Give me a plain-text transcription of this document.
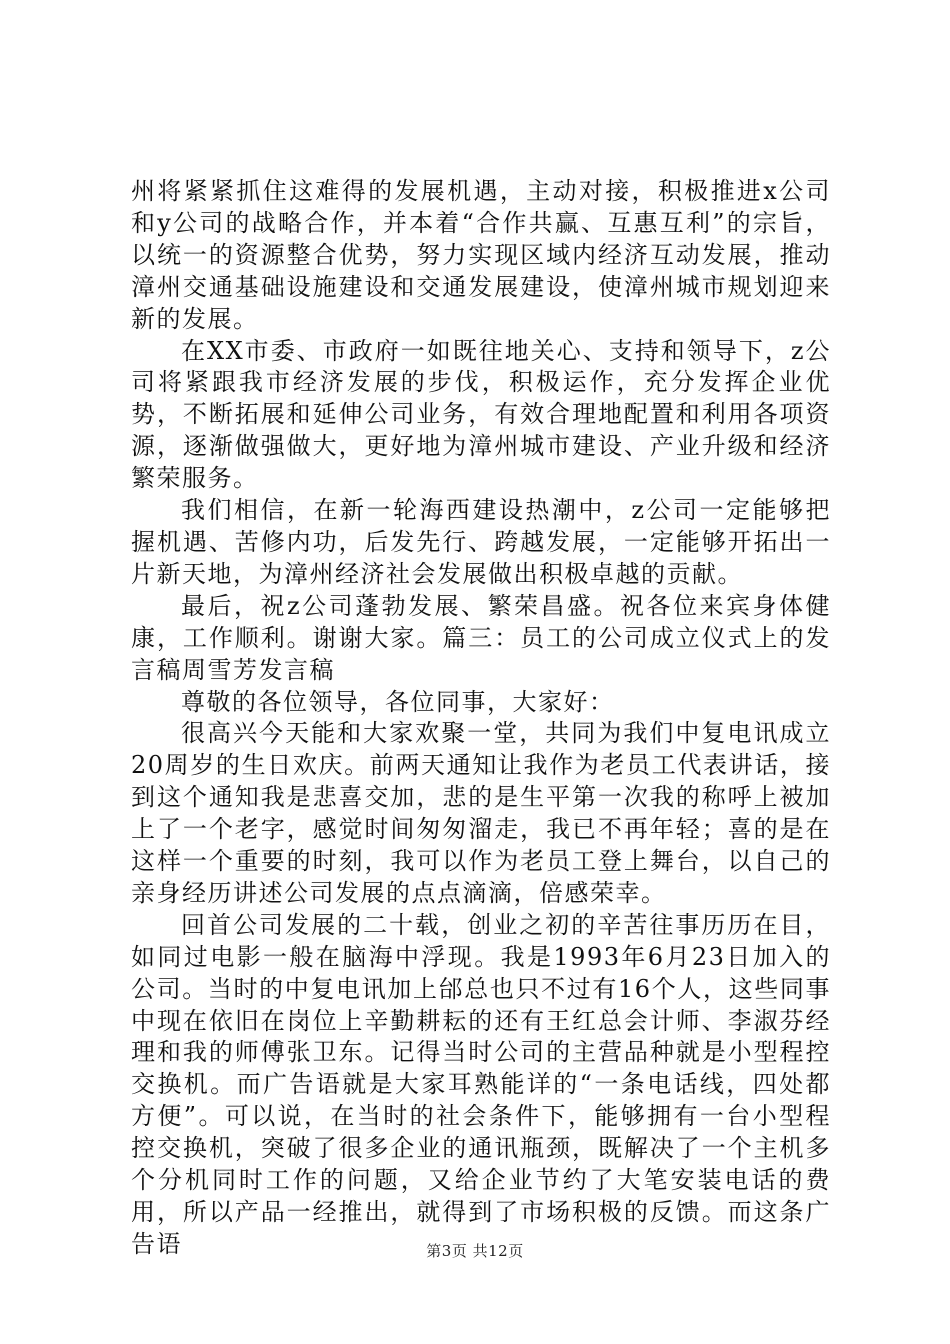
州将紧紧抓住这难得的发展机遇，主动对接，积极推进x公司和y公司的战略合作，并本着“合作共赢、互惠互利”的宗旨，以统一的资源整合优势，努力实现区域内经济互动发展，推动漳州交通基础设施建设和交通发展建设，使漳州城市规划迎来新的发展。

在XX市委、市政府一如既往地关心、支持和领导下，z公司将紧跟我市经济发展的步伐，积极运作，充分发挥企业优势，不断拓展和延伸公司业务，有效合理地配置和利用各项资源，逐渐做强做大，更好地为漳州城市建设、产业升级和经济繁荣服务。

我们相信，在新一轮海西建设热潮中，z公司一定能够把握机遇、苦修内功，后发先行、跨越发展，一定能够开拓出一片新天地，为漳州经济社会发展做出积极卓越的贡献。

最后，祝z公司蓬勃发展、繁荣昌盛。祝各位来宾身体健康，工作顺利。谢谢大家。篇三：员工的公司成立仪式上的发言稿周雪芳发言稿

尊敬的各位领导，各位同事，大家好：

很高兴今天能和大家欢聚一堂，共同为我们中复电讯成立20周岁的生日欢庆。前两天通知让我作为老员工代表讲话，接到这个通知我是悲喜交加，悲的是生平第一次我的称呼上被加上了一个老字，感觉时间匆匆溜走，我已不再年轻；喜的是在这样一个重要的时刻，我可以作为老员工登上舞台，以自己的亲身经历讲述公司发展的点点滴滴，倍感荣幸。

回首公司发展的二十载，创业之初的辛苦往事历历在目，如同过电影一般在脑海中浮现。我是1993年6月23日加入的公司。当时的中复电讯加上邰总也只不过有16个人，这些同事中现在依旧在岗位上辛勤耕耘的还有王红总会计师、李淑芬经理和我的师傅张卫东。记得当时公司的主营品种就是小型程控交换机。而广告语就是大家耳熟能详的“一条电话线，四处都方便”。可以说，在当时的社会条件下，能够拥有一台小型程控交换机，突破了很多企业的通讯瓶颈，既解决了一个主机多个分机同时工作的问题，又给企业节约了大笔安装电话的费用，所以产品一经推出，就得到了市场积极的反馈。而这条广告语	第3页 共12页
